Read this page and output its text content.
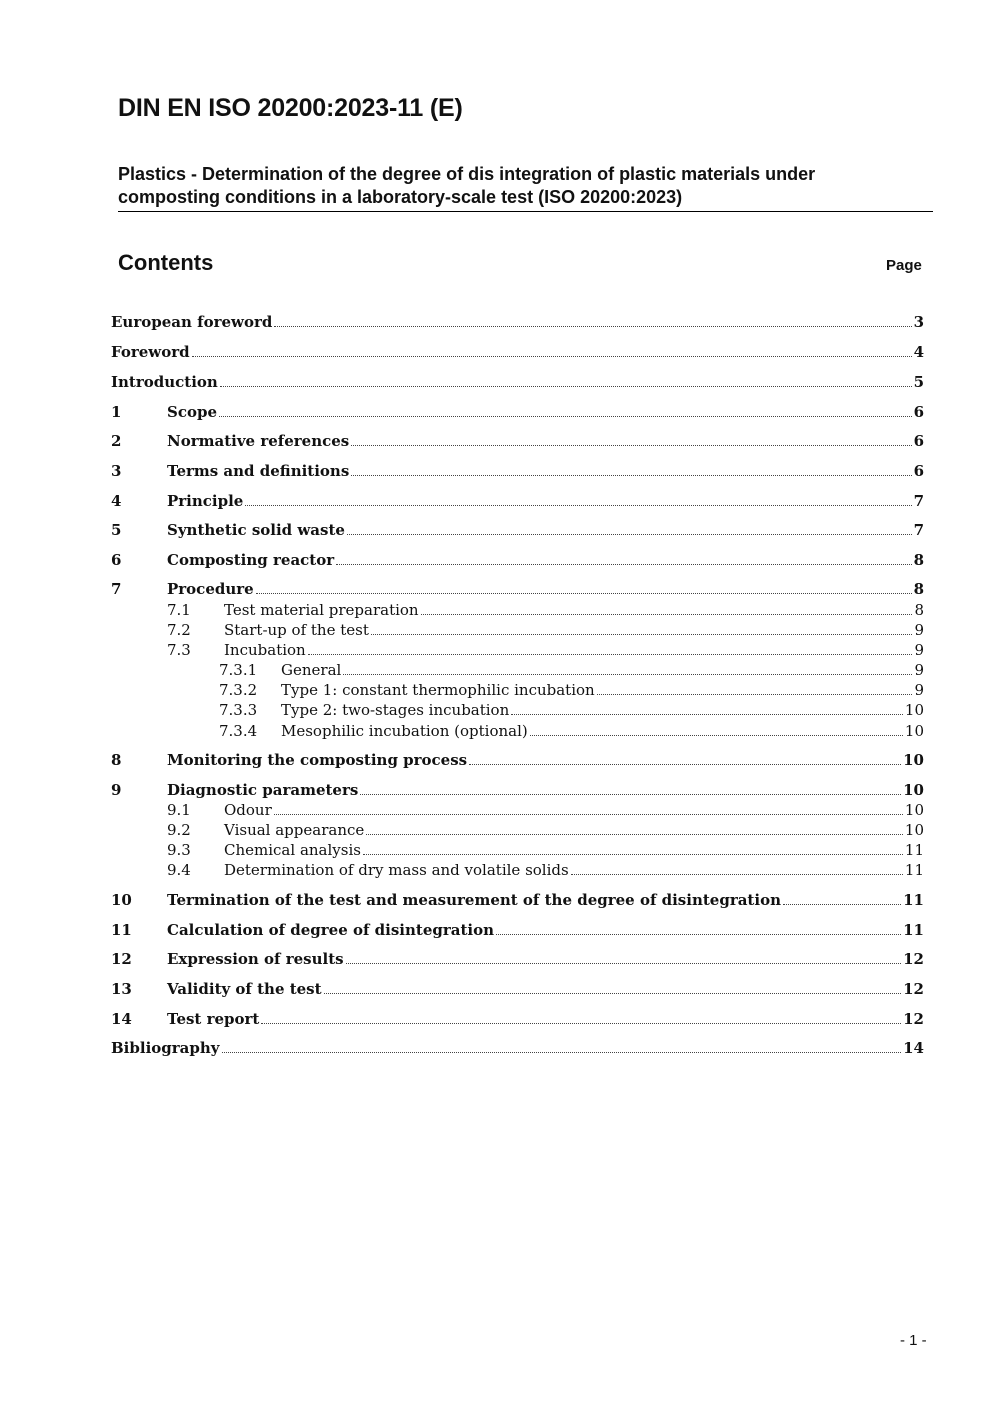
DIN EN ISO 20200:2023-11 (E)
Plastics - Determination of the degree of dis integration of plastic materials under
composting conditions in a laboratory-scale test (ISO 20200:2023)
Contents	Page
European foreword	3
Foreword	4
Introduction	5
1	Scope	6
2	Normative references	6
3	Terms and definitions	6
4	Principle	7
5	Synthetic solid waste	7
6	Composting reactor	8
7	Procedure	8
7.1	Test material preparation	8
7.2	Start-up of the test	9
7.3	Incubation	9
7.3.1	General	9
7.3.2	Type 1: constant thermophilic incubation	9
7.3.3	Type 2: two-stages incubation	10
7.3.4	Mesophilic incubation (optional)	10
8	Monitoring the composting process	10
9	Diagnostic parameters	10
9.1	Odour	10
9.2	Visual appearance	10
9.3	Chemical analysis	11
9.4	Determination of dry mass and volatile solids	11
10	Termination of the test and measurement of the degree of disintegration	11
11	Calculation of degree of disintegration	11
12	Expression of results	12
13	Validity of the test	12
14	Test report	12
Bibliography	14
- 1 -
